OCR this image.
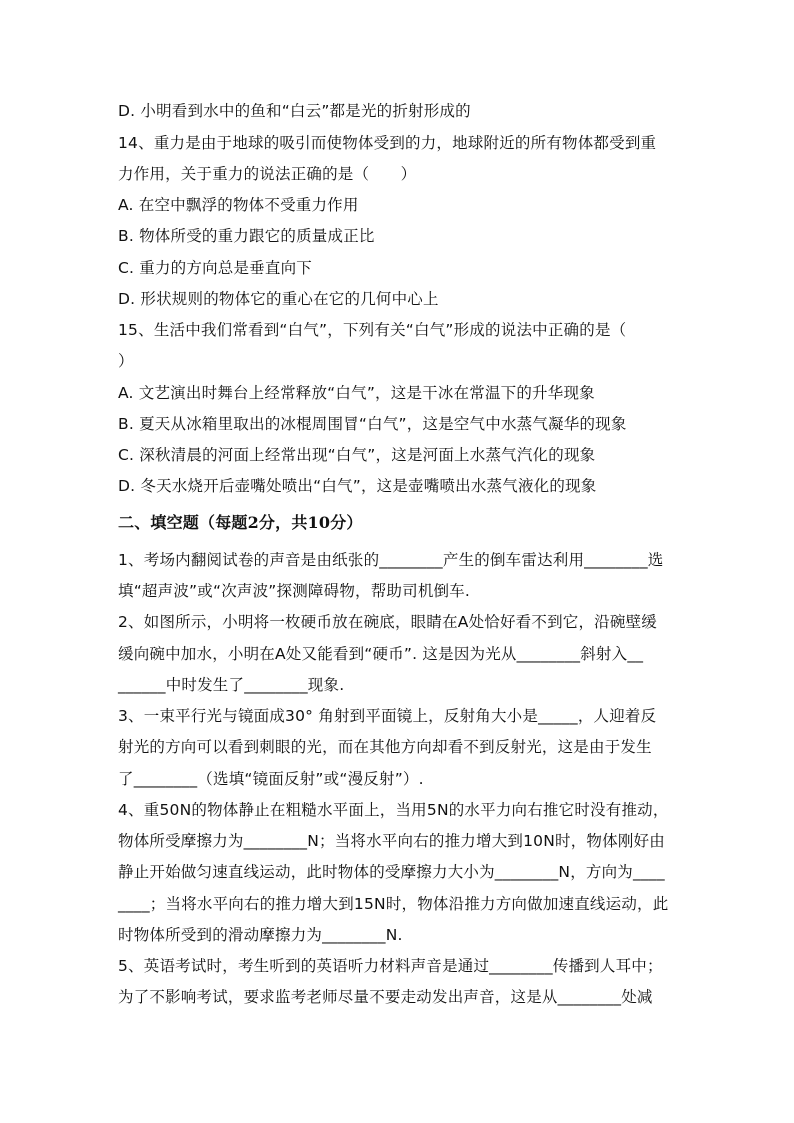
D. 小明看到水中的鱼和“白云”都是光的折射形成的
14、重力是由于地球的吸引而使物体受到的力，地球附近的所有物体都受到重
力作用，关于重力的说法正确的是（　　）
A. 在空中飘浮的物体不受重力作用
B. 物体所受的重力跟它的质量成正比
C. 重力的方向总是垂直向下
D. 形状规则的物体它的重心在它的几何中心上
15、生活中我们常看到“白气”，下列有关“白气”形成的说法中正确的是（
）
A. 文艺演出时舞台上经常释放“白气”，这是干冰在常温下的升华现象
B. 夏天从冰箱里取出的冰棍周围冒“白气”，这是空气中水蒸气凝华的现象
C. 深秋清晨的河面上经常出现“白气”，这是河面上水蒸气汽化的现象
D. 冬天水烧开后壶嘴处喷出“白气”，这是壶嘴喷出水蒸气液化的现象
二、填空题（每题2分，共10分）
1、考场内翻阅试卷的声音是由纸张的________产生的倒车雷达利用________选
填“超声波”或“次声波”探测障碍物，帮助司机倒车.
2、如图所示，小明将一枚硬币放在碗底，眼睛在A处恰好看不到它，沿碗壁缓
缓向碗中加水，小明在A处又能看到“硬币”. 这是因为光从________斜射入__
______中时发生了________现象.
3、一束平行光与镜面成30° 角射到平面镜上，反射角大小是_____，人迎着反
射光的方向可以看到刺眼的光，而在其他方向却看不到反射光，这是由于发生
了________（选填“镜面反射”或“漫反射”）.
4、重50N的物体静止在粗糙水平面上，当用5N的水平力向右推它时没有推动，
物体所受摩擦力为________N；当将水平向右的推力增大到10N时，物体刚好由
静止开始做匀速直线运动，此时物体的受摩擦力大小为________N，方向为____
____；当将水平向右的推力增大到15N时，物体沿推力方向做加速直线运动，此
时物体所受到的滑动摩擦力为________N.
5、英语考试时，考生听到的英语听力材料声音是通过________传播到人耳中；
为了不影响考试，要求监考老师尽量不要走动发出声音，这是从________处减
